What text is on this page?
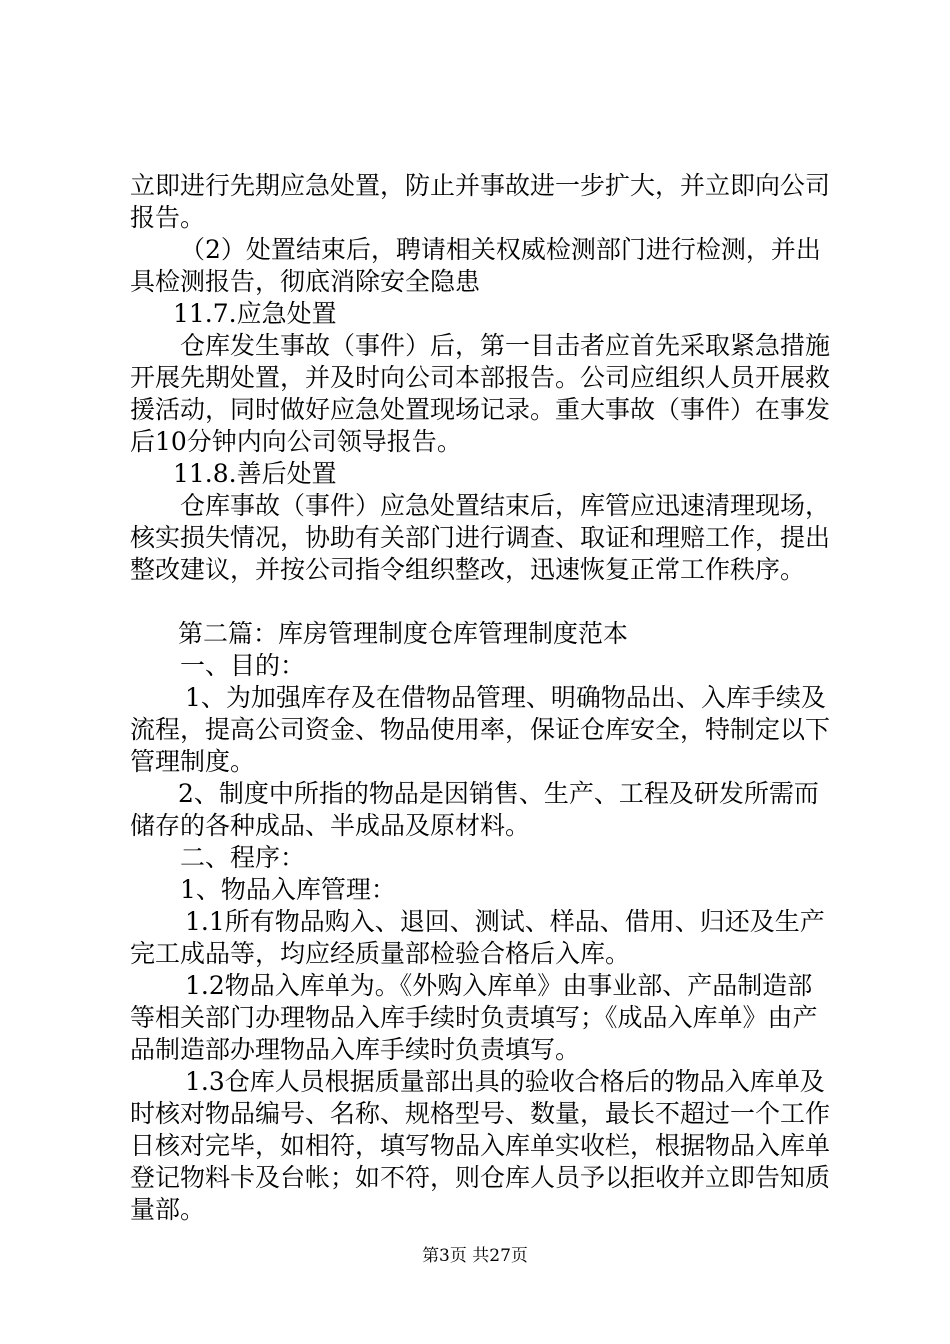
立即进行先期应急处置，防止并事故进一步扩大，并立即向公司报告。

（2）处置结束后，聘请相关权威检测部门进行检测，并出具检测报告，彻底消除安全隐患

11.7.应急处置

仓库发生事故（事件）后，第一目击者应首先采取紧急措施开展先期处置，并及时向公司本部报告。公司应组织人员开展救援活动，同时做好应急处置现场记录。重大事故（事件）在事发后10分钟内向公司领导报告。

11.8.善后处置

仓库事故（事件）应急处置结束后，库管应迅速清理现场，核实损失情况，协助有关部门进行调查、取证和理赔工作，提出整改建议，并按公司指令组织整改，迅速恢复正常工作秩序。

第二篇：库房管理制度仓库管理制度范本

一、目的：

1、为加强库存及在借物品管理、明确物品出、入库手续及流程，提高公司资金、物品使用率，保证仓库安全，特制定以下管理制度。

2、制度中所指的物品是因销售、生产、工程及研发所需而储存的各种成品、半成品及原材料。

二、程序：

1、物品入库管理：

1.1所有物品购入、退回、测试、样品、借用、归还及生产完工成品等，均应经质量部检验合格后入库。

1.2物品入库单为。《外购入库单》由事业部、产品制造部等相关部门办理物品入库手续时负责填写；《成品入库单》由产品制造部办理物品入库手续时负责填写。

1.3仓库人员根据质量部出具的验收合格后的物品入库单及时核对物品编号、名称、规格型号、数量，最长不超过一个工作日核对完毕，如相符，填写物品入库单实收栏，根据物品入库单登记物料卡及台帐；如不符，则仓库人员予以拒收并立即告知质量部。

第3页 共27页
